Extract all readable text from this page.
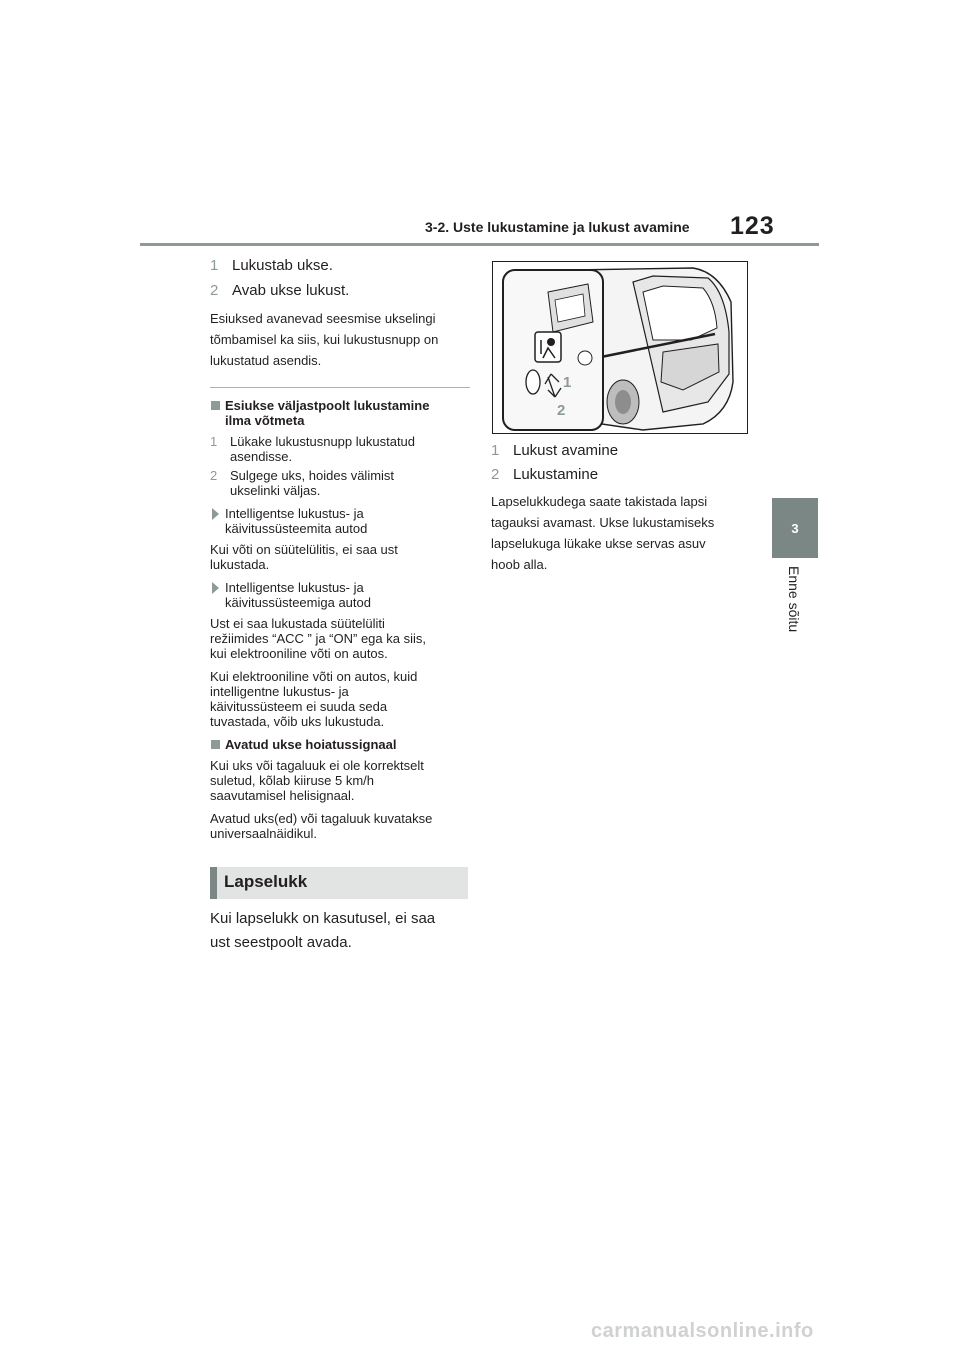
3-2. Uste lukustamine ja lukust avamine 123
3
Enne sõitu
1 Lukustab ukse.
2 Avab ukse lukust.

Esiuksed avanevad seesmise ukselingi tõmbamisel ka siis, kui lukustusnupp on lukustatud asendis.

Esiukse väljastpoolt lukustamine
ilma võtmeta
1 Lükake lukustusnupp lukustatud
asendisse.
2 Sulgege uks, hoides välimist
ukselinki väljas.
Intelligentse lukustus- ja
käivitussüsteemita autod

Kui võti on süütelülitis, ei saa ust
lukustada.

Intelligentse lukustus- ja
käivitussüsteemiga autod

Ust ei saa lukustada süütelüliti
režiimides “ACC ” ja “ON” ega ka siis,
kui elektrooniline võti on autos.

Kui elektrooniline võti on autos, kuid
intelligentne lukustus- ja
käivitussüsteem ei suuda seda
tuvastada, võib uks lukustuda.

Avatud ukse hoiatussignaal

Kui uks või tagaluuk ei ole korrektselt
suletud, kõlab kiiruse 5 km/h
saavutamisel helisignaal.

Avatud uks(ed) või tagaluuk kuvatakse
universaalnäidikul.

Lapselukk
Kui lapselukk on kasutusel, ei saa
ust seestpoolt avada.
1
2
1 Lukust avamine
2 Lukustamine

Lapselukkudega saate takistada lapsi
tagauksi avamast. Ukse lukustamiseks
lapselukuga lükake ukse servas asuv
hoob alla.

carmanualsonline.info
